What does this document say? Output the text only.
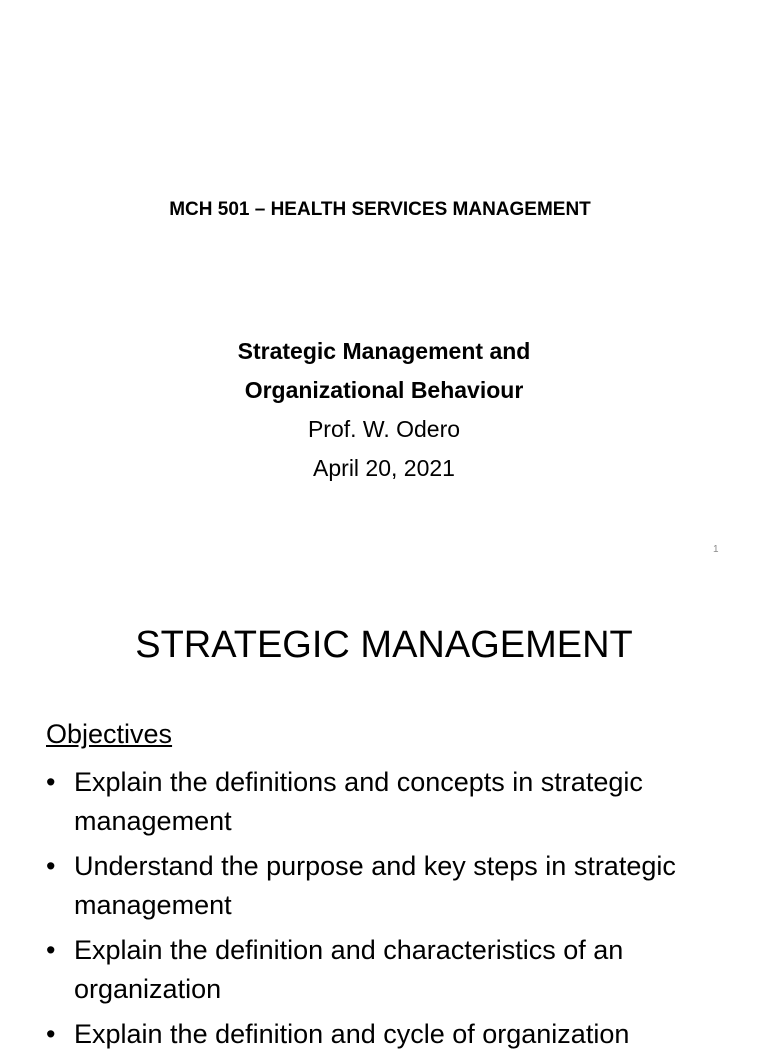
MCH 501 – HEALTH SERVICES MANAGEMENT
Strategic Management and
Organizational Behaviour
Prof. W. Odero
April 20, 2021
1
STRATEGIC MANAGEMENT
Objectives
• Explain the definitions and concepts in strategic management
• Understand the purpose and key steps in strategic management
• Explain the definition and characteristics of an organization
• Explain the definition and cycle of organization
